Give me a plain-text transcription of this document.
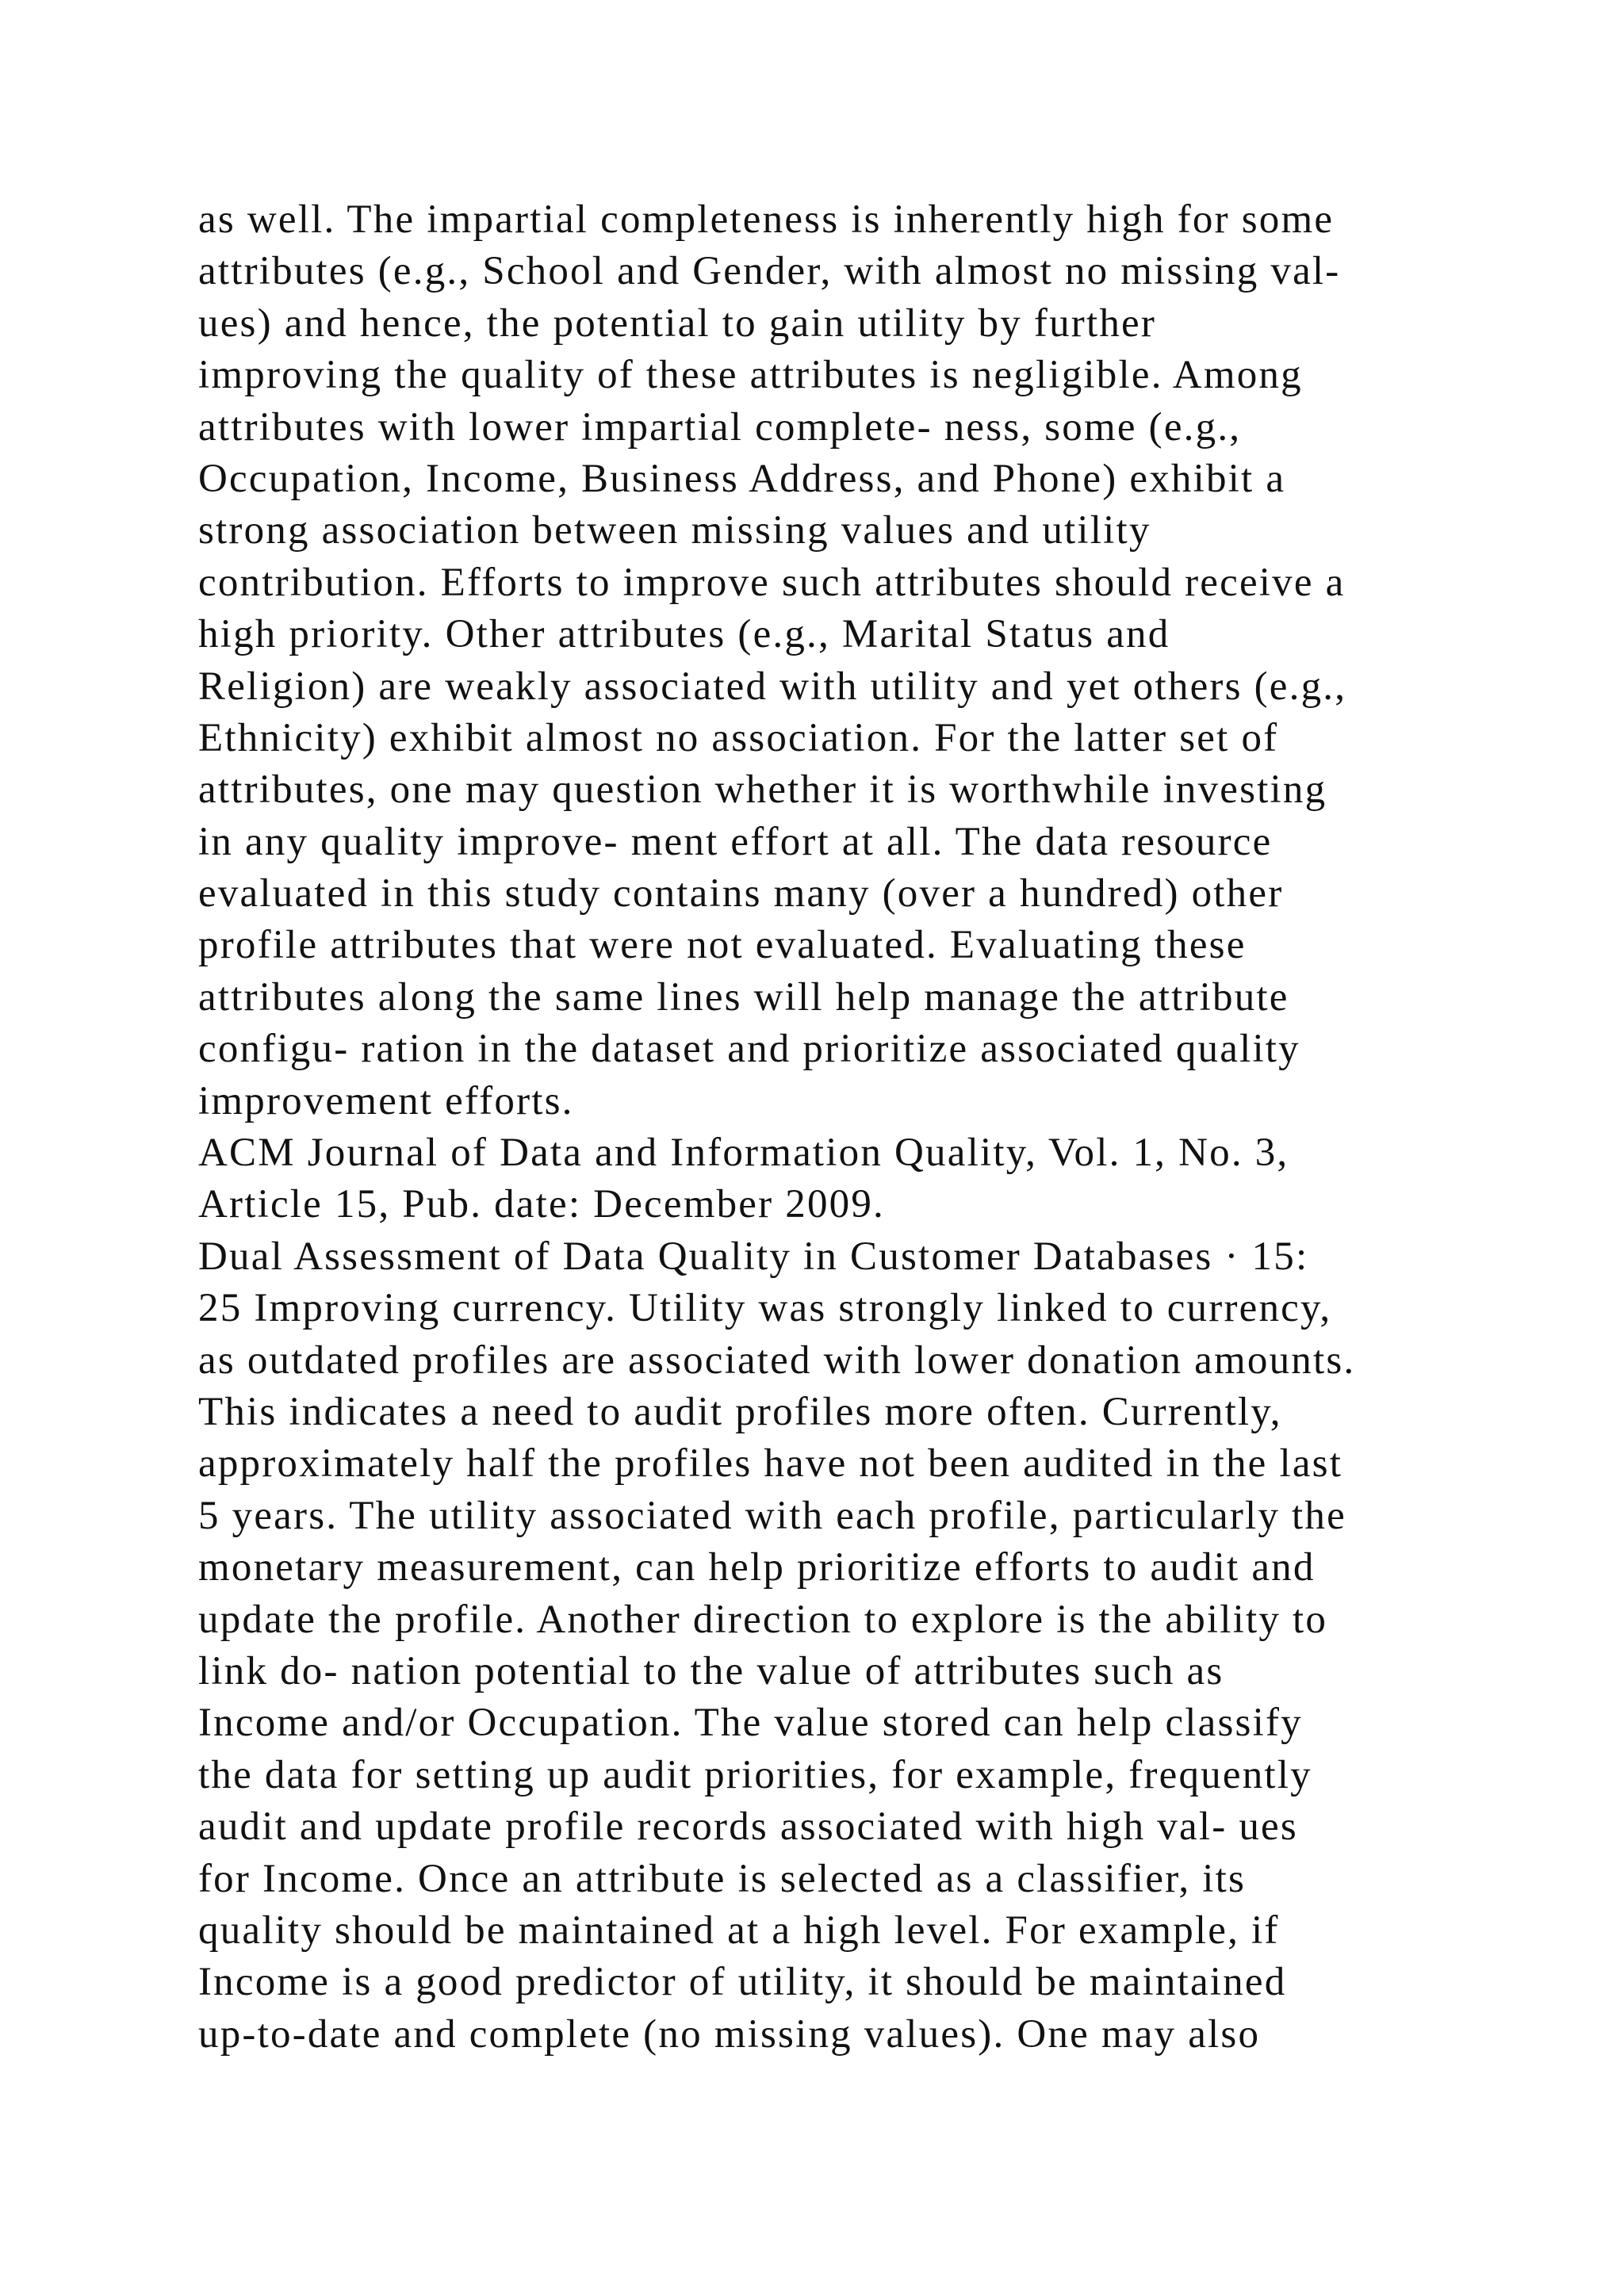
as well. The impartial completeness is inherently high for some
attributes (e.g., School and Gender, with almost no missing val-
ues) and hence, the potential to gain utility by further
improving the quality of these attributes is negligible. Among
attributes with lower impartial complete- ness, some (e.g.,
Occupation, Income, Business Address, and Phone) exhibit a
strong association between missing values and utility
contribution. Efforts to improve such attributes should receive a
high priority. Other attributes (e.g., Marital Status and
Religion) are weakly associated with utility and yet others (e.g.,
Ethnicity) exhibit almost no association. For the latter set of
attributes, one may question whether it is worthwhile investing
in any quality improve- ment effort at all. The data resource
evaluated in this study contains many (over a hundred) other
profile attributes that were not evaluated. Evaluating these
attributes along the same lines will help manage the attribute
configu- ration in the dataset and prioritize associated quality
improvement efforts.
ACM Journal of Data and Information Quality, Vol. 1, No. 3,
Article 15, Pub. date: December 2009.
Dual Assessment of Data Quality in Customer Databases · 15:
25 Improving currency. Utility was strongly linked to currency,
as outdated profiles are associated with lower donation amounts.
This indicates a need to audit profiles more often. Currently,
approximately half the profiles have not been audited in the last
5 years. The utility associated with each profile, particularly the
monetary measurement, can help prioritize efforts to audit and
update the profile. Another direction to explore is the ability to
link do- nation potential to the value of attributes such as
Income and/or Occupation. The value stored can help classify
the data for setting up audit priorities, for example, frequently
audit and update profile records associated with high val- ues
for Income. Once an attribute is selected as a classifier, its
quality should be maintained at a high level. For example, if
Income is a good predictor of utility, it should be maintained
up-to-date and complete (no missing values). One may also
